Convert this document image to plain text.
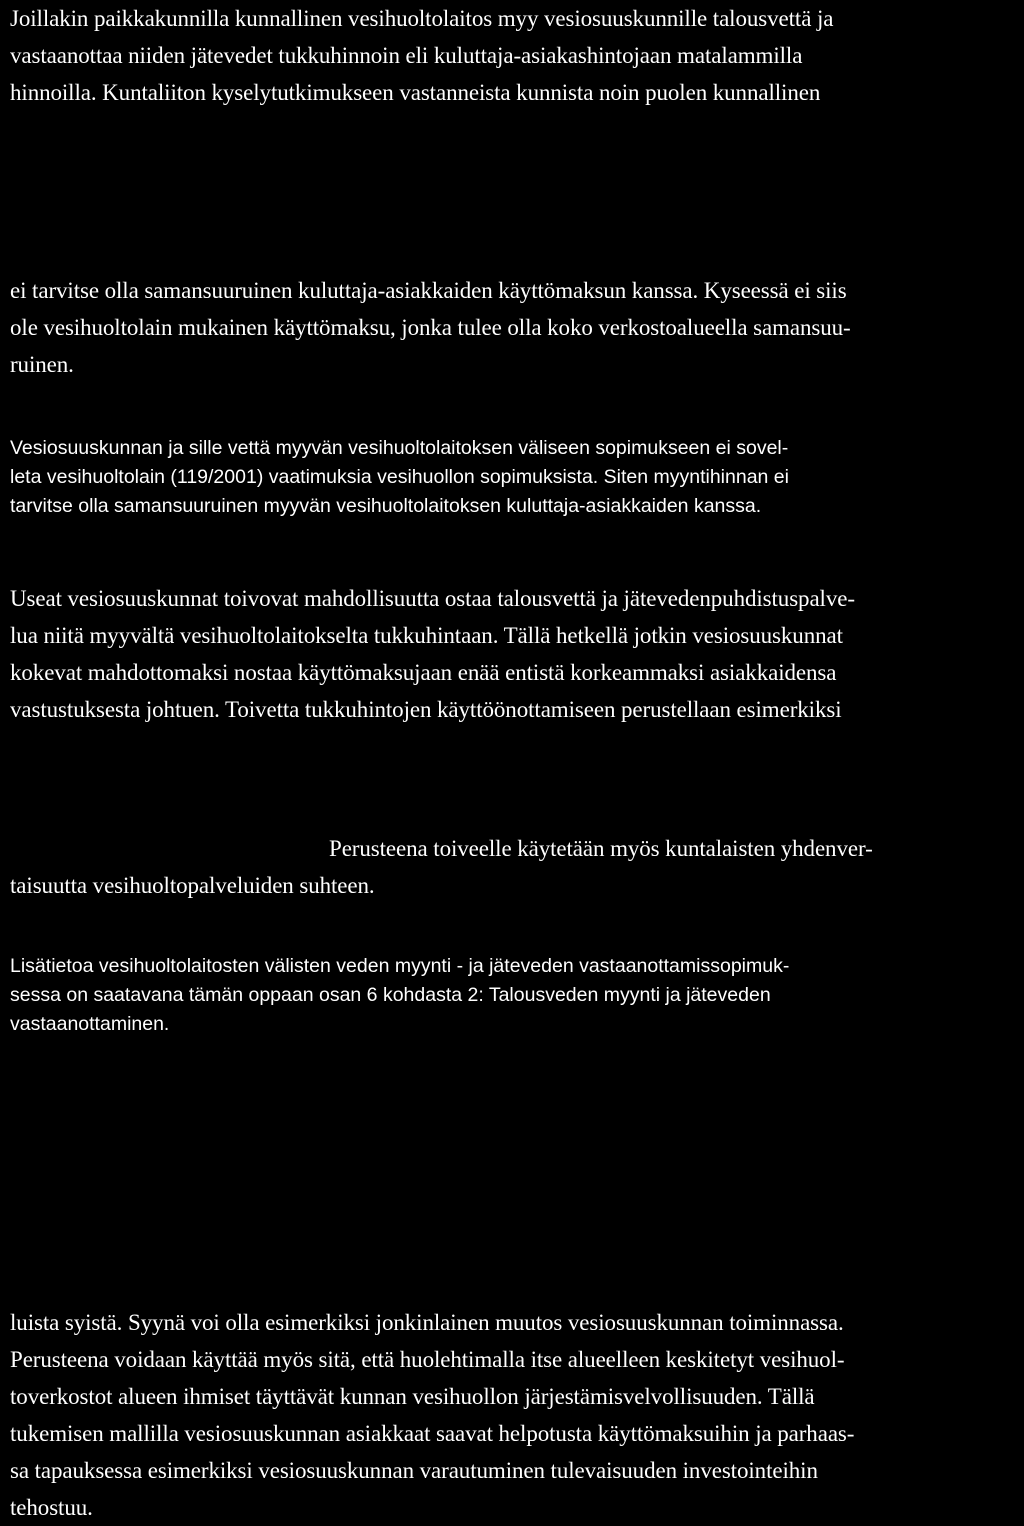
Joillakin paikkakunnilla kunnallinen vesihuoltolaitos myy vesiosuuskunnille talousvettä ja
vastaanottaa niiden jätevedet tukkuhinnoin eli kuluttaja-asiakashintojaan matalammilla
hinnoilla. Kuntaliiton kyselytutkimukseen vastanneista kunnista noin puolen kunnallinen
ei tarvitse olla samansuuruinen kuluttaja-asiakkaiden käyttömaksun kanssa. Kyseessä ei siis
ole vesihuoltolain mukainen käyttömaksu, jonka tulee olla koko verkostoalueella samansuu-
ruinen.
Vesiosuuskunnan ja sille vettä myyvän vesihuoltolaitoksen väliseen sopimukseen ei sovel-
leta vesihuoltolain (119/2001) vaatimuksia vesihuollon sopimuksista. Siten myyntihinnan ei
tarvitse olla samansuuruinen myyvän vesihuoltolaitoksen kuluttaja-asiakkaiden kanssa.
Useat vesiosuuskunnat toivovat mahdollisuutta ostaa talousvettä ja jätevedenpuhdistuspalve-
lua niitä myyvältä vesihuoltolaitokselta tukkuhintaan. Tällä hetkellä jotkin vesiosuuskunnat
kokevat mahdottomaksi nostaa käyttömaksujaan enää entistä korkeammaksi asiakkaidensa
vastustuksesta johtuen. Toivetta tukkuhintojen käyttöönottamiseen perustellaan esimerkiksi
Perusteena toiveelle käytetään myös kuntalaisten yhdenver-
taisuutta vesihuoltopalveluiden suhteen.
Lisätietoa vesihuoltolaitosten välisten veden myynti - ja jäteveden vastaanottamissopimuk-
sessa on saatavana tämän oppaan osan 6 kohdasta 2: Talousveden myynti ja jäteveden
vastaanottaminen.
luista syistä. Syynä voi olla esimerkiksi jonkinlainen muutos vesiosuuskunnan toiminnassa.
Perusteena voidaan käyttää myös sitä, että huolehtimalla itse alueelleen keskitetyt vesihuol-
toverkostot alueen ihmiset täyttävät kunnan vesihuollon järjestämisvelvollisuuden. Tällä
tukemisen mallilla vesiosuuskunnan asiakkaat saavat helpotusta käyttömaksuihin ja parhaas-
sa tapauksessa esimerkiksi vesiosuuskunnan varautuminen tulevaisuuden investointeihin
tehostuu.
